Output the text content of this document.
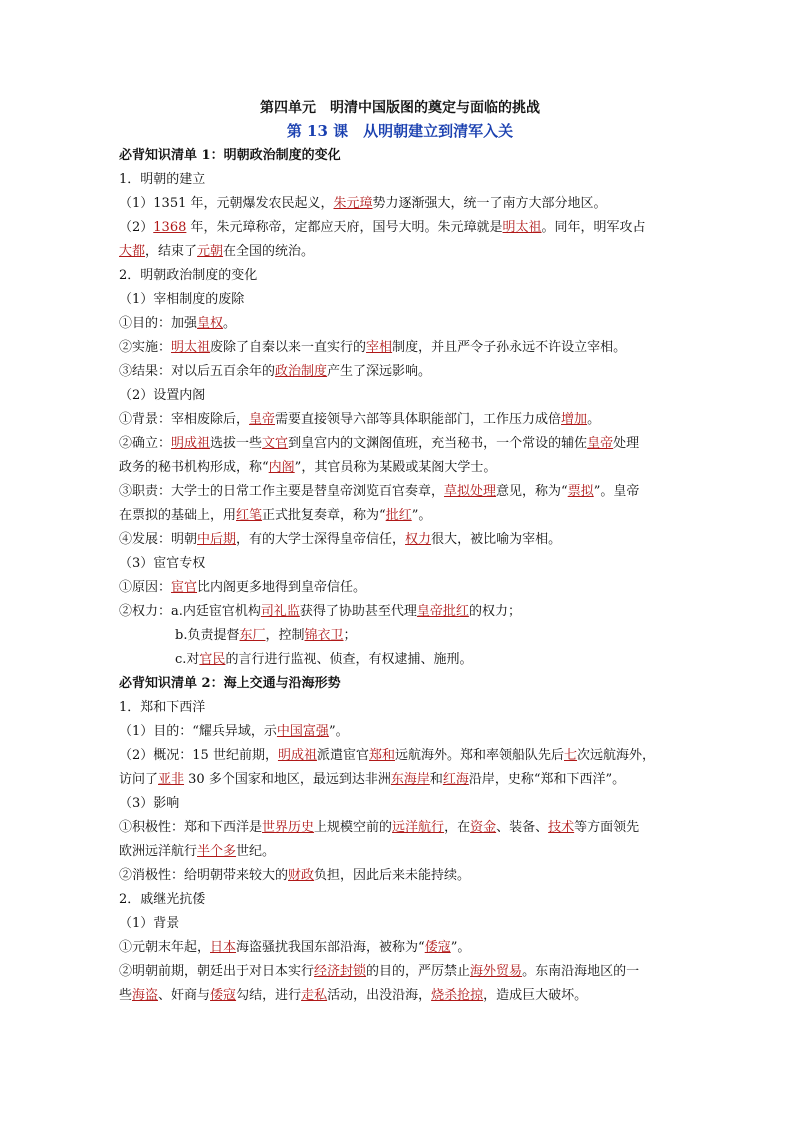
第四单元　明清中国版图的奠定与面临的挑战
第 13 课　从明朝建立到清军入关
必背知识清单 1：明朝政治制度的变化
1．明朝的建立
（1）1351 年，元朝爆发农民起义，朱元璋势力逐渐强大，统一了南方大部分地区。
（2）1368 年，朱元璋称帝，定都应天府，国号大明。朱元璋就是明太祖。同年，明军攻占
大都，结束了元朝在全国的统治。
2．明朝政治制度的变化
（1）宰相制度的废除
①目的：加强皇权。
②实施：明太祖废除了自秦以来一直实行的宰相制度，并且严令子孙永远不许设立宰相。
③结果：对以后五百余年的政治制度产生了深远影响。
（2）设置内阁
①背景：宰相废除后，皇帝需要直接领导六部等具体职能部门，工作压力成倍增加。
②确立：明成祖选拔一些文官到皇宫内的文渊阁值班，充当秘书，一个常设的辅佐皇帝处理
政务的秘书机构形成，称“内阁”，其官员称为某殿或某阁大学士。
③职责：大学士的日常工作主要是替皇帝浏览百官奏章，草拟处理意见，称为“票拟”。皇帝
在票拟的基础上，用红笔正式批复奏章，称为“批红”。
④发展：明朝中后期，有的大学士深得皇帝信任，权力很大，被比喻为宰相。
（3）宦官专权
①原因：宦官比内阁更多地得到皇帝信任。
②权力：a.内廷宦官机构司礼监获得了协助甚至代理皇帝批红的权力；
b.负责提督东厂，控制锦衣卫；
c.对官民的言行进行监视、侦查，有权逮捕、施刑。
必背知识清单 2：海上交通与沿海形势
1．郑和下西洋
（1）目的：“耀兵异域，示中国富强”。
（2）概况：15 世纪前期，明成祖派遣宦官郑和远航海外。郑和率领船队先后七次远航海外，
访问了亚非 30 多个国家和地区，最远到达非洲东海岸和红海沿岸，史称“郑和下西洋”。
（3）影响
①积极性：郑和下西洋是世界历史上规模空前的远洋航行，在资金、装备、技术等方面领先
欧洲远洋航行半个多世纪。
②消极性：给明朝带来较大的财政负担，因此后来未能持续。
2．戚继光抗倭
（1）背景
①元朝末年起，日本海盗骚扰我国东部沿海，被称为“倭寇”。
②明朝前期，朝廷出于对日本实行经济封锁的目的，严厉禁止海外贸易。东南沿海地区的一
些海盗、奸商与倭寇勾结，进行走私活动，出没沿海，烧杀抢掠，造成巨大破坏。
